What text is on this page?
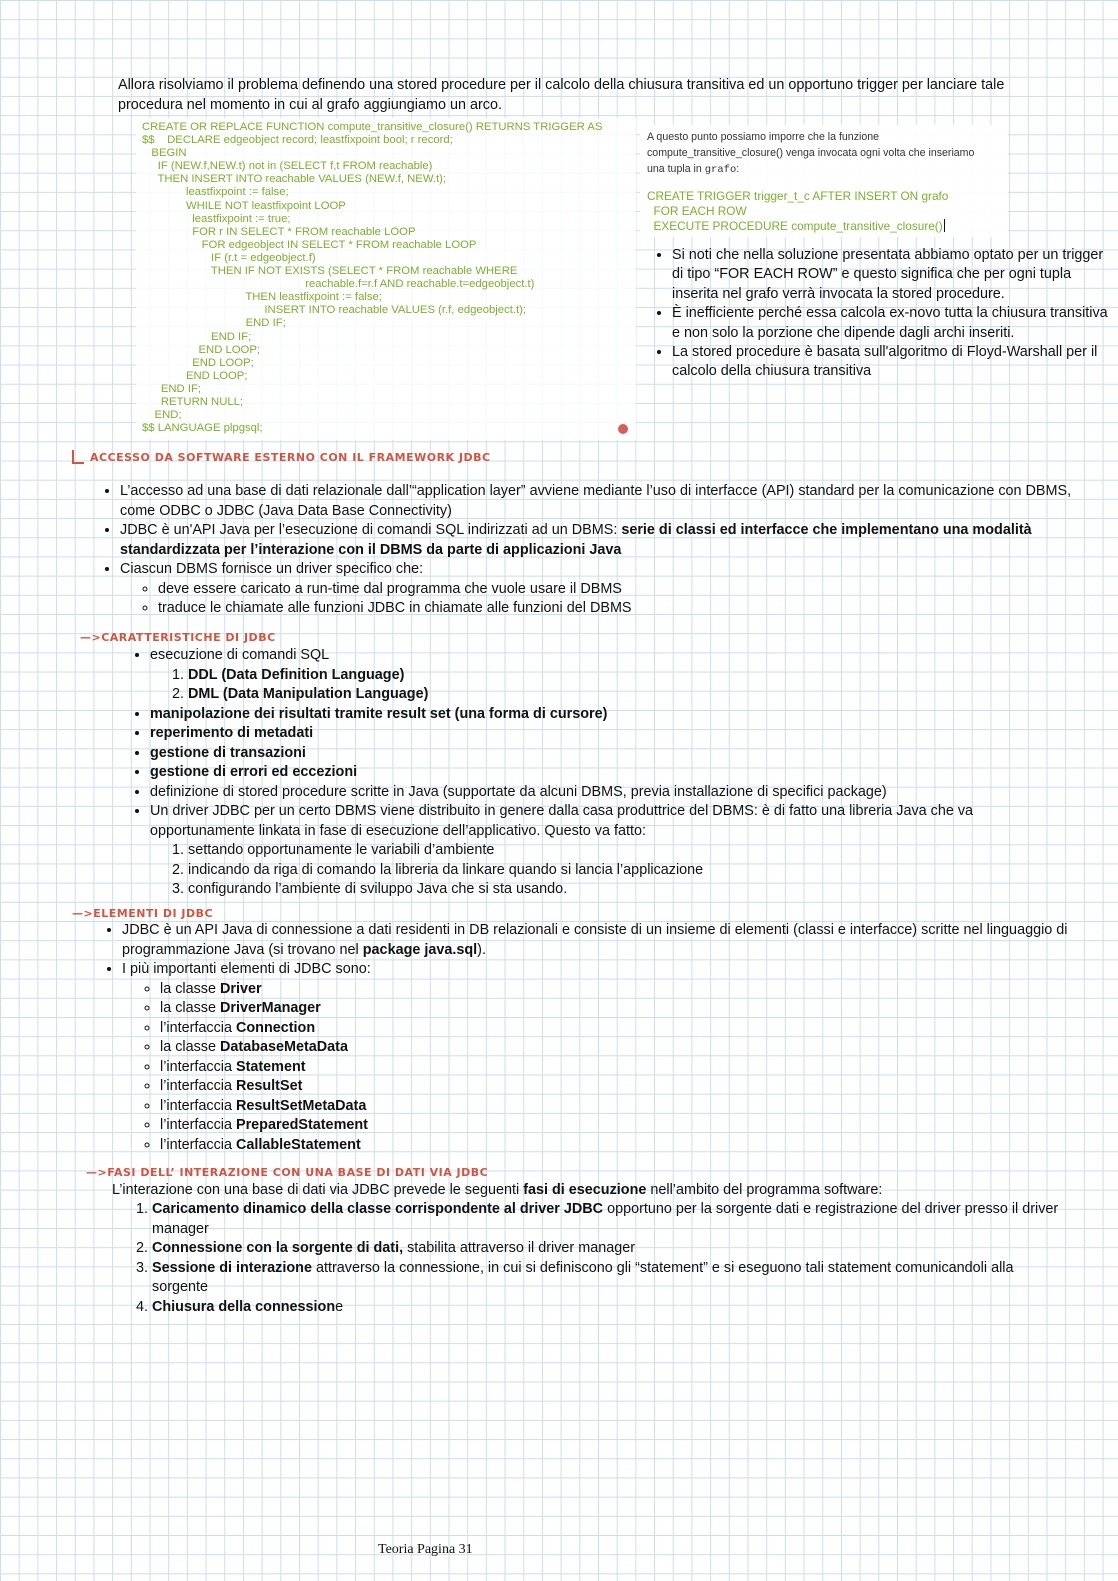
Allora risolviamo il problema definendo una stored procedure per il calcolo della chiusura transitiva ed un opportuno trigger per lanciare tale procedura nel momento in cui al grafo aggiungiamo un arco.
CREATE OR REPLACE FUNCTION compute_transitive_closure() RETURNS TRIGGER AS
$$    DECLARE edgeobject record; leastfixpoint bool; r record;
BEGIN
IF (NEW.f,NEW.t) not in (SELECT f,t FROM reachable)
THEN INSERT INTO reachable VALUES (NEW.f, NEW.t);
leastfixpoint := false;
WHILE NOT leastfixpoint LOOP
leastfixpoint := true;
FOR r IN SELECT * FROM reachable LOOP
FOR edgeobject IN SELECT * FROM reachable LOOP
IF (r.t = edgeobject.f)
THEN IF NOT EXISTS (SELECT * FROM reachable WHERE
reachable.f=r.f AND reachable.t=edgeobject.t)
THEN leastfixpoint := false;
INSERT INTO reachable VALUES (r.f, edgeobject.t);
END IF;
END IF;
END LOOP;
END LOOP;
END LOOP;
END IF;
RETURN NULL;
END;
$$ LANGUAGE plpgsql;
A questo punto possiamo imporre che la funzione
compute_transitive_closure() venga invocata ogni volta che inseriamo
una tupla in grafo:
CREATE TRIGGER trigger_t_c AFTER INSERT ON grafo
FOR EACH ROW
EXECUTE PROCEDURE compute_transitive_closure()
• Si noti che nella soluzione presentata abbiamo optato per un trigger di tipo “FOR EACH ROW” e questo significa che per ogni tupla inserita nel grafo verrà invocata la stored procedure.
• È inefficiente perché essa calcola ex-novo tutta la chiusura transitiva e non solo la porzione che dipende dagli archi inseriti.
• La stored procedure è basata sull'algoritmo di Floyd-Warshall per il calcolo della chiusura transitiva
ACCESSO DA SOFTWARE ESTERNO CON IL FRAMEWORK JDBC
• L’accesso ad una base di dati relazionale dall’“application layer” avviene mediante l’uso di interfacce (API) standard per la comunicazione con DBMS, come ODBC o JDBC (Java Data Base Connectivity)
• JDBC è un'API Java per l’esecuzione di comandi SQL indirizzati ad un DBMS: serie di classi ed interfacce che implementano una modalità standardizzata per l’interazione con il DBMS da parte di applicazioni Java
• Ciascun DBMS fornisce un driver specifico che:
◦ deve essere caricato a run-time dal programma che vuole usare il DBMS
◦ traduce le chiamate alle funzioni JDBC in chiamate alle funzioni del DBMS
—>CARATTERISTICHE DI JDBC
• esecuzione di comandi SQL
1. DDL (Data Definition Language)
2. DML (Data Manipulation Language)
• manipolazione dei risultati tramite result set (una forma di cursore)
• reperimento di metadati
• gestione di transazioni
• gestione di errori ed eccezioni
• definizione di stored procedure scritte in Java (supportate da alcuni DBMS, previa installazione di specifici package)
• Un driver JDBC per un certo DBMS viene distribuito in genere dalla casa produttrice del DBMS: è di fatto una libreria Java che va opportunamente linkata in fase di esecuzione dell’applicativo. Questo va fatto:
1. settando opportunamente le variabili d’ambiente
2. indicando da riga di comando la libreria da linkare quando si lancia l’applicazione
3. configurando l’ambiente di sviluppo Java che si sta usando.
—>ELEMENTI DI JDBC
• JDBC è un API Java di connessione a dati residenti in DB relazionali e consiste di un insieme di elementi (classi e interfacce) scritte nel linguaggio di programmazione Java (si trovano nel package java.sql).
• I più importanti elementi di JDBC sono:
◦ la classe Driver
◦ la classe DriverManager
◦ l’interfaccia Connection
◦ la classe DatabaseMetaData
◦ l’interfaccia Statement
◦ l’interfaccia ResultSet
◦ l’interfaccia ResultSetMetaData
◦ l’interfaccia PreparedStatement
◦ l’interfaccia CallableStatement
—>FASI DELL’ INTERAZIONE CON UNA BASE DI DATI VIA JDBC
L’interazione con una base di dati via JDBC prevede le seguenti fasi di esecuzione nell’ambito del programma software:
1. Caricamento dinamico della classe corrispondente al driver JDBC opportuno per la sorgente dati e registrazione del driver presso il driver manager
2. Connessione con la sorgente di dati, stabilita attraverso il driver manager
3. Sessione di interazione attraverso la connessione, in cui si definiscono gli “statement” e si eseguono tali statement comunicandoli alla sorgente
4. Chiusura della connessione
Teoria Pagina 31
